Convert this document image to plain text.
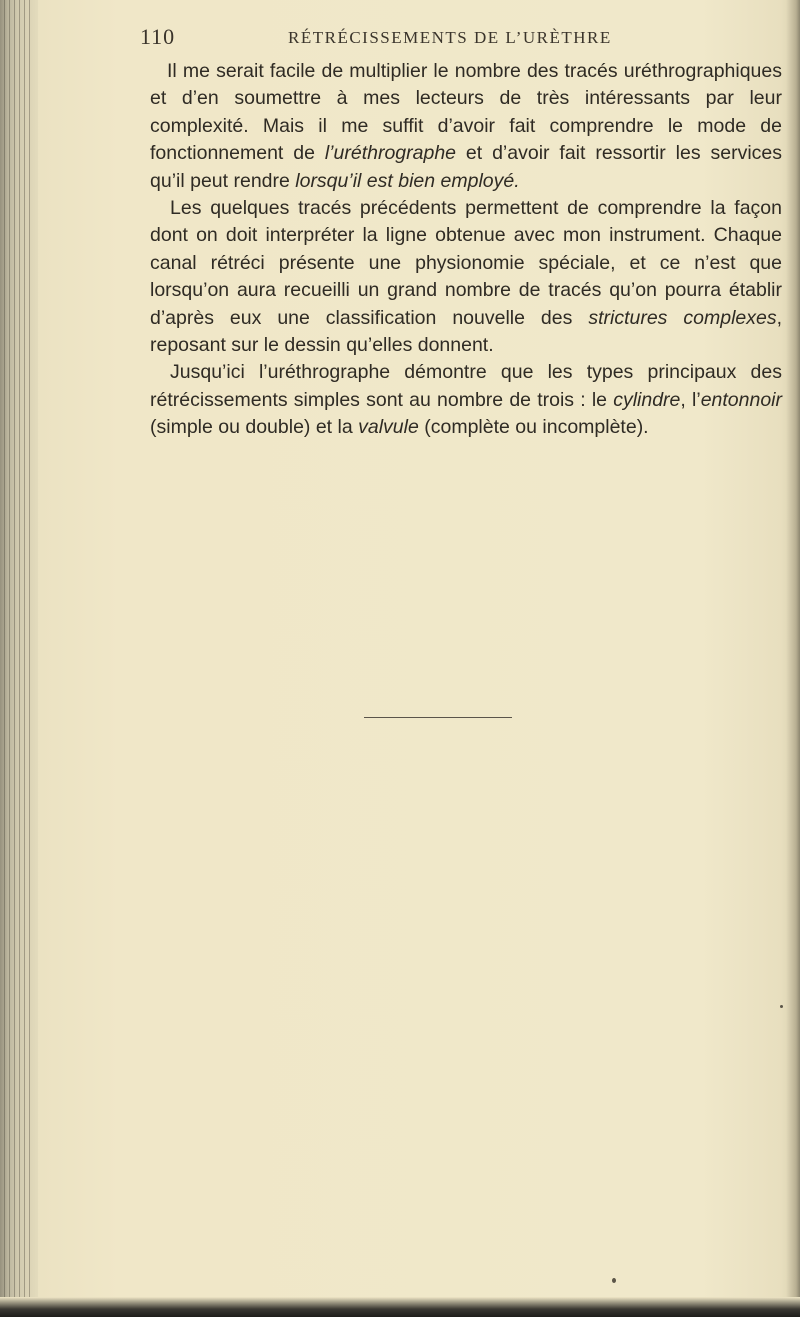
110	RÉTRÉCISSEMENTS DE L’URÈTHRE

Il me serait facile de multiplier le nombre des tracés uréthrographiques et d’en soumettre à mes lecteurs de très intéressants par leur complexité. Mais il me suffit d’avoir fait comprendre le mode de fonctionnement de l’uréthrographe et d’avoir fait ressortir les services qu’il peut rendre lorsqu’il est bien employé.

Les quelques tracés précédents permettent de comprendre la façon dont on doit interpréter la ligne obtenue avec mon instrument. Chaque canal rétréci présente une physionomie spéciale, et ce n’est que lorsqu’on aura recueilli un grand nombre de tracés qu’on pourra établir d’après eux une classification nouvelle des strictures complexes, reposant sur le dessin qu’elles donnent.

Jusqu’ici l’uréthrographe démontre que les types principaux des rétrécissements simples sont au nombre de trois : le cylindre, l’entonnoir (simple ou double) et la valvule (complète ou incomplète).
